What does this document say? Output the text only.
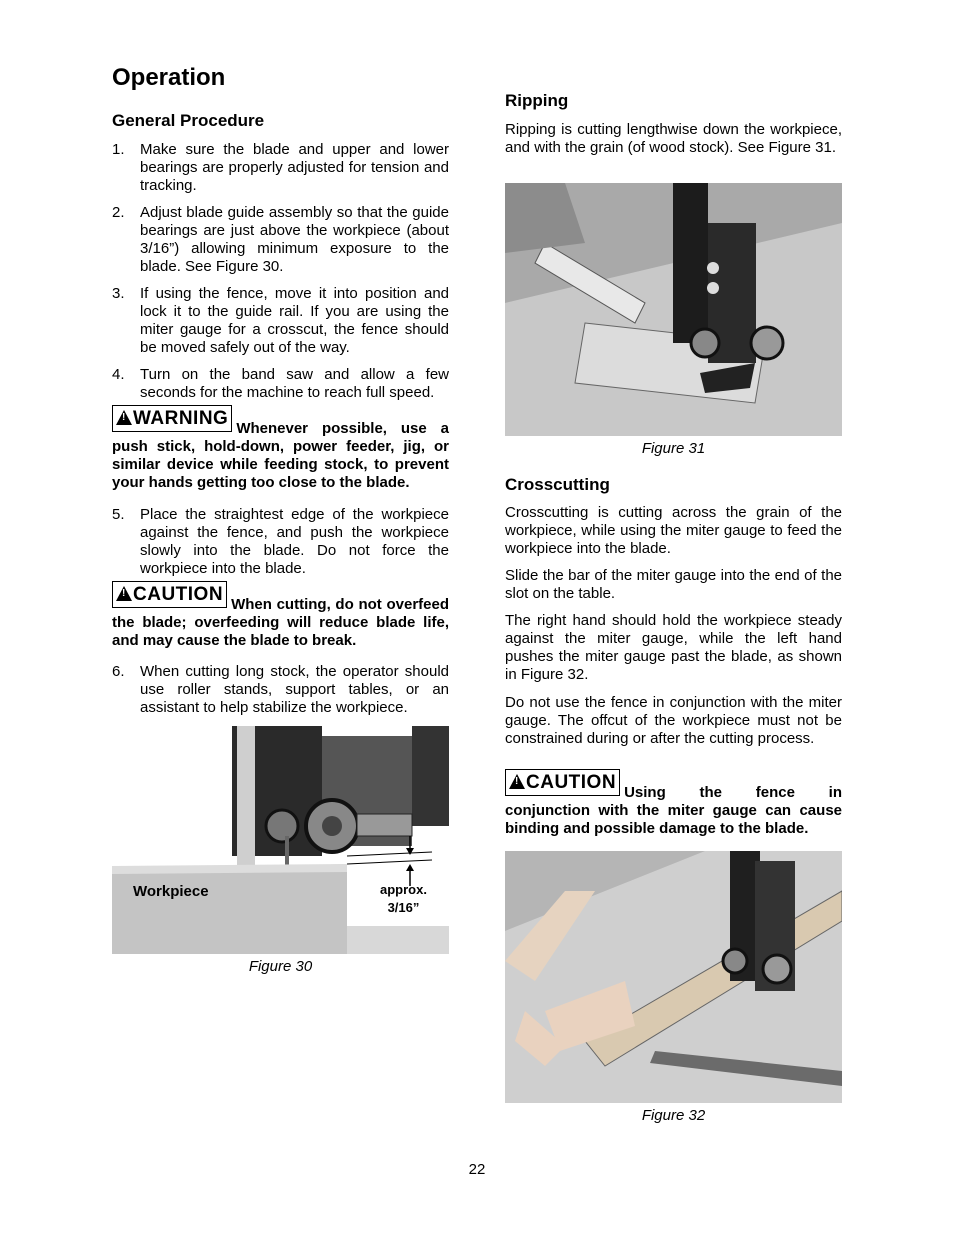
Operation
General Procedure
1. Make sure the blade and upper and lower bearings are properly adjusted for tension and tracking.
2. Adjust blade guide assembly so that the guide bearings are just above the workpiece (about 3/16”) allowing minimum exposure to the blade. See Figure 30.
3. If using the fence, move it into position and lock it to the guide rail. If you are using the miter gauge for a crosscut, the fence should be moved safely out of the way.
4. Turn on the band saw and allow a few seconds for the machine to reach full speed.
! WARNING Whenever possible, use a push stick, hold-down, power feeder, jig, or similar device while feeding stock, to prevent your hands getting too close to the blade.
5. Place the straightest edge of the workpiece against the fence, and push the workpiece slowly into the blade. Do not force the workpiece into the blade.
! CAUTION When cutting, do not overfeed the blade; overfeeding will reduce blade life, and may cause the blade to break.
6. When cutting long stock, the operator should use roller stands, support tables, or an assistant to help stabilize the workpiece.
Workpiece	approx.
3/16”
Figure 30
Ripping

Ripping is cutting lengthwise down the workpiece, and with the grain (of wood stock). See Figure 31.

Figure 31
Crosscutting

Crosscutting is cutting across the grain of the workpiece, while using the miter gauge to feed the workpiece into the blade.

Slide the bar of the miter gauge into the end of the slot on the table.

The right hand should hold the workpiece steady against the miter gauge, while the left hand pushes the miter gauge past the blade, as shown in Figure 32.

Do not use the fence in conjunction with the miter gauge. The offcut of the workpiece must not be constrained during or after the cutting process.

! CAUTION Using the fence in conjunction with the miter gauge can cause binding and possible damage to the blade.
Figure 32
22
